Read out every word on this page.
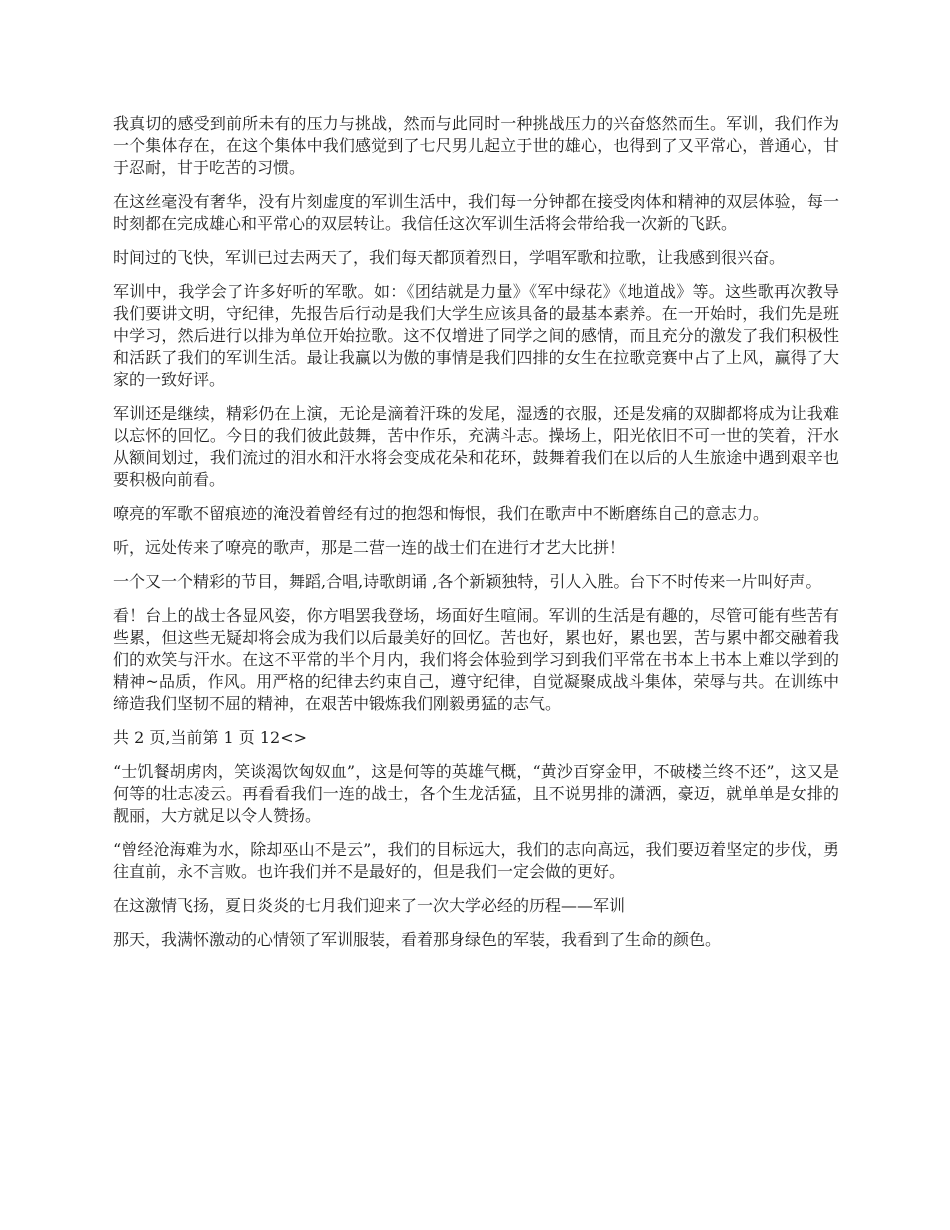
我真切的感受到前所未有的压力与挑战，然而与此同时一种挑战压力的兴奋悠然而生。军训，我们作为一个集体存在，在这个集体中我们感觉到了七尺男儿起立于世的雄心，也得到了又平常心，普通心，甘于忍耐，甘于吃苦的习惯。

在这丝毫没有奢华，没有片刻虚度的军训生活中，我们每一分钟都在接受肉体和精神的双层体验，每一时刻都在完成雄心和平常心的双层转让。我信任这次军训生活将会带给我一次新的飞跃。

时间过的飞快，军训已过去两天了，我们每天都顶着烈日，学唱军歌和拉歌，让我感到很兴奋。

军训中，我学会了许多好听的军歌。如：《团结就是力量》《军中绿花》《地道战》等。这些歌再次教导我们要讲文明，守纪律，先报告后行动是我们大学生应该具备的最基本素养。在一开始时，我们先是班中学习，然后进行以排为单位开始拉歌。这不仅增进了同学之间的感情，而且充分的激发了我们积极性和活跃了我们的军训生活。最让我赢以为傲的事情是我们四排的女生在拉歌竞赛中占了上风，赢得了大家的一致好评。

军训还是继续，精彩仍在上演，无论是滴着汗珠的发尾，湿透的衣服，还是发痛的双脚都将成为让我难以忘怀的回忆。今日的我们彼此鼓舞，苦中作乐，充满斗志。操场上，阳光依旧不可一世的笑着，汗水从额间划过，我们流过的泪水和汗水将会变成花朵和花环，鼓舞着我们在以后的人生旅途中遇到艰辛也要积极向前看。

嘹亮的军歌不留痕迹的淹没着曾经有过的抱怨和悔恨，我们在歌声中不断磨练自己的意志力。

听，远处传来了嘹亮的歌声，那是二营一连的战士们在进行才艺大比拼！

一个又一个精彩的节目，舞蹈,合唱,诗歌朗诵 ,各个新颖独特，引人入胜。台下不时传来一片叫好声。

看！台上的战士各显风姿，你方唱罢我登场，场面好生喧闹。军训的生活是有趣的，尽管可能有些苦有些累，但这些无疑却将会成为我们以后最美好的回忆。苦也好，累也好，累也罢，苦与累中都交融着我们的欢笑与汗水。在这不平常的半个月内，我们将会体验到学习到我们平常在书本上书本上难以学到的精神~品质，作风。用严格的纪律去约束自己，遵守纪律，自觉凝聚成战斗集体，荣辱与共。在训练中缔造我们坚韧不屈的精神，在艰苦中锻炼我们刚毅勇猛的志气。

共 2 页,当前第 1 页 12<>

“士饥餐胡虏肉，笑谈渴饮匈奴血”，这是何等的英雄气概，“黄沙百穿金甲，不破楼兰终不还”，这又是何等的壮志凌云。再看看我们一连的战士，各个生龙活猛，且不说男排的潇洒，豪迈，就单单是女排的靓丽，大方就足以令人赞扬。

“曾经沧海难为水，除却巫山不是云”，我们的目标远大，我们的志向高远，我们要迈着坚定的步伐，勇往直前，永不言败。也许我们并不是最好的，但是我们一定会做的更好。

在这激情飞扬，夏日炎炎的七月我们迎来了一次大学必经的历程——军训

那天，我满怀激动的心情领了军训服装，看着那身绿色的军装，我看到了生命的颜色。
